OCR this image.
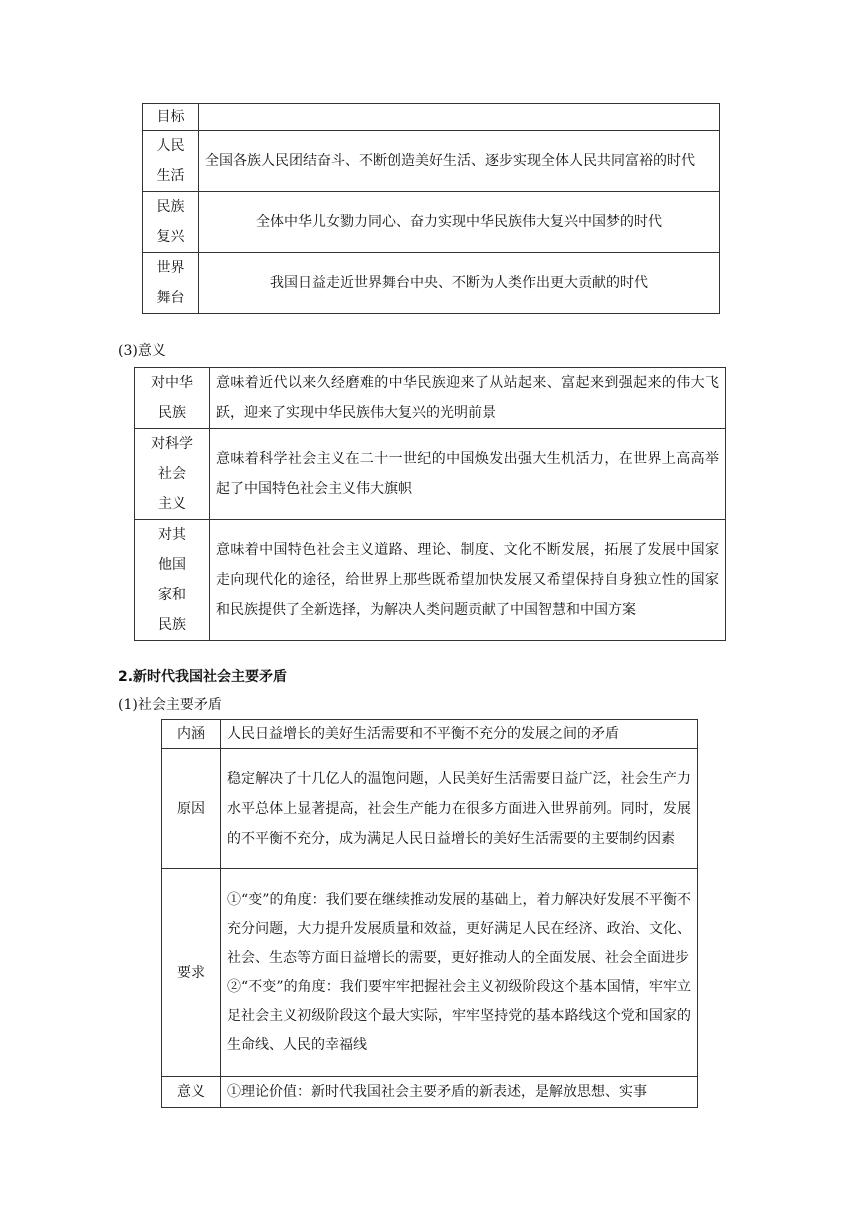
目标	

人民
生活	全国各族人民团结奋斗、不断创造美好生活、逐步实现全体人民共同富裕的时代

民族
复兴	全体中华儿女勠力同心、奋力实现中华民族伟大复兴中国梦的时代

世界
舞台	我国日益走近世界舞台中央、不断为人类作出更大贡献的时代
(3)意义
对中华
民族	意味着近代以来久经磨难的中华民族迎来了从站起来、富起来到强起来的伟大飞跃，迎来了实现中华民族伟大复兴的光明前景

对科学
社会
主义	意味着科学社会主义在二十一世纪的中国焕发出强大生机活力，在世界上高高举起了中国特色社会主义伟大旗帜

对其
他国
家和
民族	意味着中国特色社会主义道路、理论、制度、文化不断发展，拓展了发展中国家走向现代化的途径，给世界上那些既希望加快发展又希望保持自身独立性的国家和民族提供了全新选择，为解决人类问题贡献了中国智慧和中国方案
2.新时代我国社会主要矛盾
(1)社会主要矛盾
内涵	人民日益增长的美好生活需要和不平衡不充分的发展之间的矛盾
原因	稳定解决了十几亿人的温饱问题，人民美好生活需要日益广泛，社会生产力水平总体上显著提高，社会生产能力在很多方面进入世界前列。同时，发展的不平衡不充分，成为满足人民日益增长的美好生活需要的主要制约因素
要求	①“变”的角度：我们要在继续推动发展的基础上，着力解决好发展不平衡不充分问题，大力提升发展质量和效益，更好满足人民在经济、政治、文化、社会、生态等方面日益增长的需要，更好推动人的全面发展、社会全面进步
②“不变”的角度：我们要牢牢把握社会主义初级阶段这个基本国情，牢牢立足社会主义初级阶段这个最大实际，牢牢坚持党的基本路线这个党和国家的生命线、人民的幸福线

意义	①理论价值：新时代我国社会主要矛盾的新表述，是解放思想、实事
